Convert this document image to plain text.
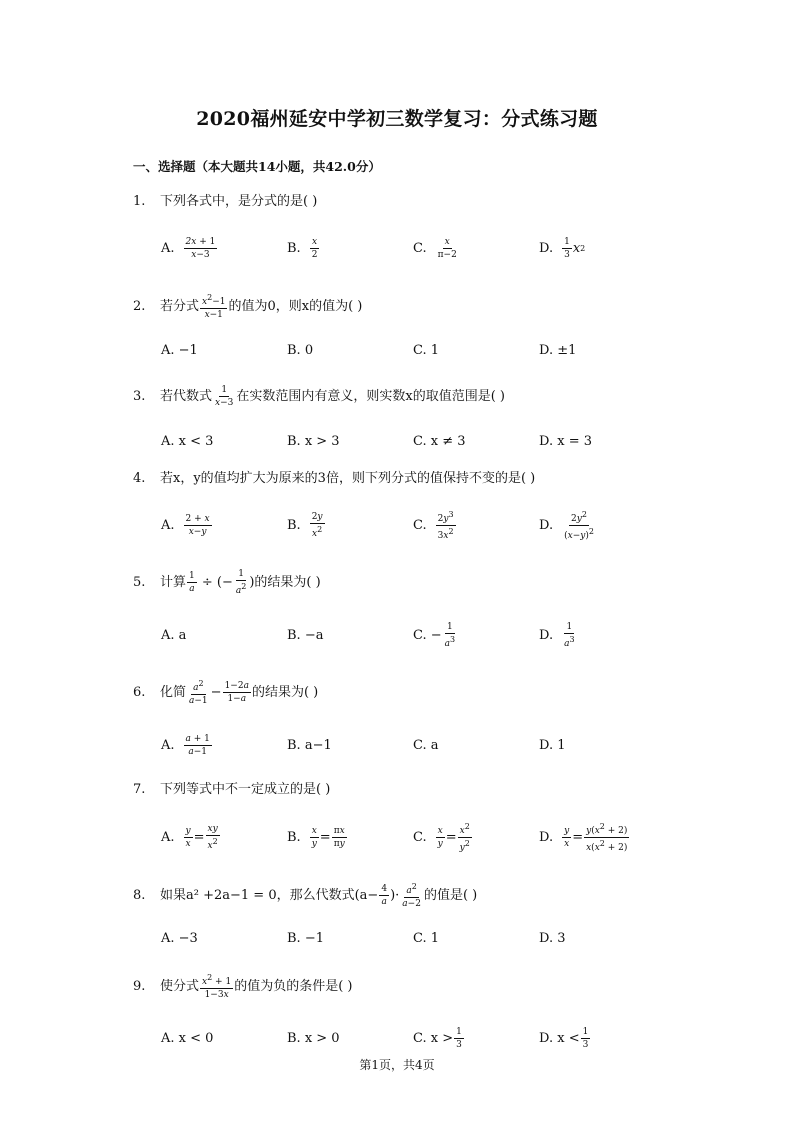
2020福州延安中学初三数学复习：分式练习题
一、选择题（本大题共14小题，共42.0分）
1. 下列各式中，是分式的是( )
A. $\frac{2x + 1}{x-3}$	B. $\frac{x}{2}$	C. $\frac{x}{\pi-2}$	D. $\frac{1}{3}$ x 2
2. 若分式 $\frac{x^2-1}{x-1}$ 的值为0，则x的值为( )
A. −1	B. 0	C. 1	D. ±1
3. 若代数式 $\frac{1}{x-3}$ 在实数范围内有意义，则实数x的取值范围是( )
A. x < 3	B. x > 3	C. x ≠ 3	D. x = 3
4. 若x，y的值均扩大为原来的3倍，则下列分式的值保持不变的是( )
A. $\frac{2 + x}{x-y}$	B. $\frac{2y}{x^2}$	C. $\frac{2y^3}{3x^2}$	D. $\frac{2y^2}{(x-y)^2}$
5. 计算 $\frac{1}{a}$ ÷ (− $\frac{1}{a^2}$ )的结果为( )
A. a	B. −a	C. − $\frac{1}{a^3}$	D. $\frac{1}{a^3}$
6. 化简 $\frac{a^2}{a-1} - \frac{1-2a}{1-a}$ 的结果为( )
A. $\frac{a + 1}{a-1}$	B. a−1	C. a	D. 1
7. 下列等式中不一定成立的是( )
A. $\frac{y}{x} = \frac{xy}{x^2}$	B. $\frac{x}{y} = \frac{\pi x}{\pi y}$	C. $\frac{x}{y} = \frac{x^2}{y^2}$	D. $\frac{y}{x} = \frac{y(x^2 + 2)}{x(x^2 + 2)}$
8. 如果a² +2a−1 = 0，那么代数式($a- \frac{4}{a}$ )· $\frac{a^2}{a-2}$ 的值是( )
A. −3	B. −1	C. 1	D. 3
9. 使分式 $\frac{x^2 + 1}{1-3x}$ 的值为负的条件是( )
A. x < 0	B. x > 0	C. $x > \frac{1}{3}$	D. $x < \frac{1}{3}$
第1页，共4页
